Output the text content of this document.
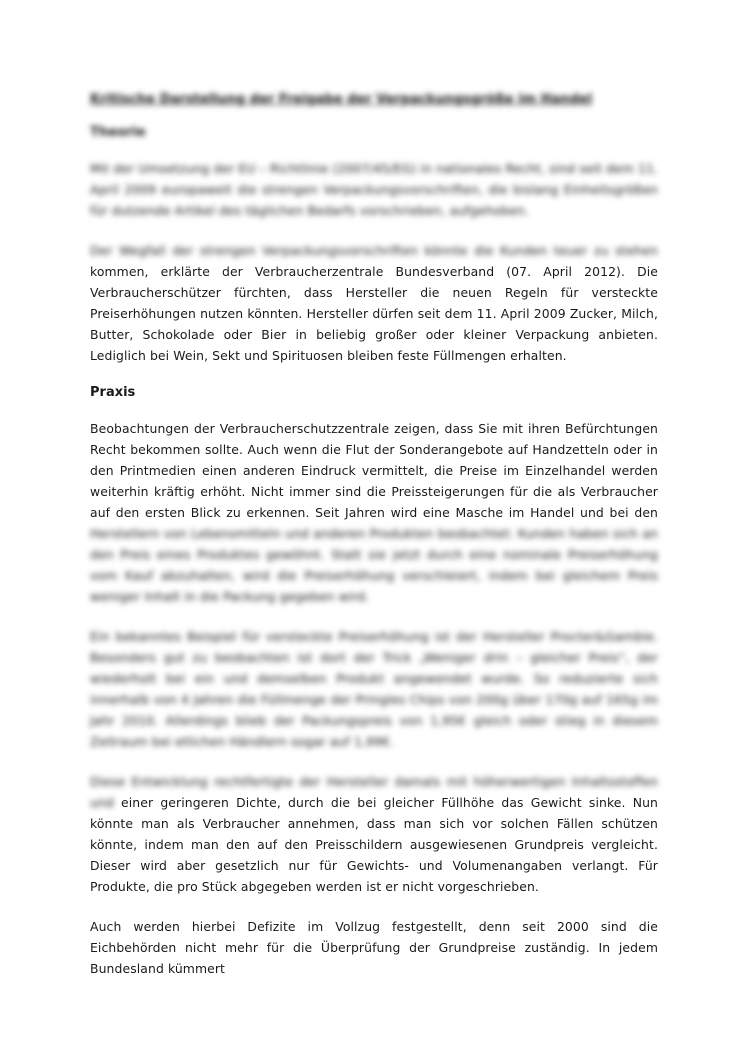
Kritische Darstellung der Freigabe der Verpackungsgröße im Handel
Theorie

Mit der Umsetzung der EU – Richtlinie (2007/45/EG) in nationales Recht, sind seit dem 11. April 2009 europaweit die strengen Verpackungsvorschriften, die bislang Einheitsgrößen für dutzende Artikel des täglichen Bedarfs vorschrieben, aufgehoben.

Der Wegfall der strengen Verpackungsvorschriften könnte die Kunden teuer zu stehen kommen, erklärte der Verbraucherzentrale Bundesverband (07. April 2012). Die Verbraucherschützer fürchten, dass Hersteller die neuen Regeln für versteckte Preiserhöhungen nutzen könnten. Hersteller dürfen seit dem 11. April 2009 Zucker, Milch, Butter, Schokolade oder Bier in beliebig großer oder kleiner Verpackung anbieten. Lediglich bei Wein, Sekt und Spirituosen bleiben feste Füllmengen erhalten.

Praxis

Beobachtungen der Verbraucherschutzzentrale zeigen, dass Sie mit ihren Befürchtungen Recht bekommen sollte. Auch wenn die Flut der Sonderangebote auf Handzetteln oder in den Printmedien einen anderen Eindruck vermittelt, die Preise im Einzelhandel werden weiterhin kräftig erhöht. Nicht immer sind die Preissteigerungen für die als Verbraucher auf den ersten Blick zu erkennen. Seit Jahren wird eine Masche im Handel und bei den Herstellern von Lebensmitteln und anderen Produkten beobachtet: Kunden haben sich an den Preis eines Produktes gewöhnt. Statt sie jetzt durch eine nominale Preiserhöhung vom Kauf abzuhalten, wird die Preiserhöhung verschleiert, indem bei gleichem Preis weniger Inhalt in die Packung gegeben wird.

Ein bekanntes Beispiel für versteckte Preiserhöhung ist der Hersteller Procter&Gamble. Besonders gut zu beobachten ist dort der Trick „Weniger drin – gleicher Preis“, der wiederholt bei ein und demselben Produkt angewendet wurde. So reduzierte sich innerhalb von 4 Jahren die Füllmenge der Pringles Chips von 200g über 170g auf 165g im Jahr 2010. Allerdings blieb der Packungspreis von 1,95€ gleich oder stieg in diesem Zeitraum bei etlichen Händlern sogar auf 1,99€.

Diese Entwicklung rechtfertigte der Hersteller damals mit höherwertigen Inhaltsstoffen und einer geringeren Dichte, durch die bei gleicher Füllhöhe das Gewicht sinke. Nun könnte man als Verbraucher annehmen, dass man sich vor solchen Fällen schützen könnte, indem man den auf den Preisschildern ausgewiesenen Grundpreis vergleicht. Dieser wird aber gesetzlich nur für Gewichts- und Volumenangaben verlangt. Für Produkte, die pro Stück abgegeben werden ist er nicht vorgeschrieben.

Auch werden hierbei Defizite im Vollzug festgestellt, denn seit 2000 sind die Eichbehörden nicht mehr für die Überprüfung der Grundpreise zuständig. In jedem Bundesland kümmert
